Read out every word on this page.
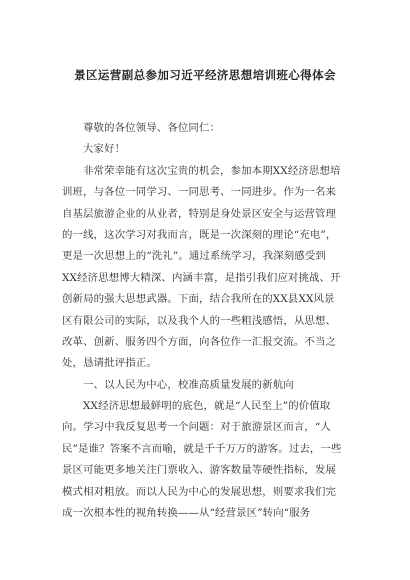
景区运营副总参加习近平经济思想培训班心得体会
尊敬的各位领导、各位同仁：
大家好！
非常荣幸能有这次宝贵的机会，参加本期XX经济思想培
训班，与各位一同学习、一同思考、一同进步。作为一名来
自基层旅游企业的从业者，特别是身处景区安全与运营管理
的一线，这次学习对我而言，既是一次深刻的理论“充电”，
更是一次思想上的“洗礼”。通过系统学习，我深刻感受到
XX经济思想博大精深、内涵丰富，是指引我们应对挑战、开
创新局的强大思想武器。下面，结合我所在的XX县XX风景
区有限公司的实际，以及我个人的一些粗浅感悟，从思想、
改革、创新、服务四个方面，向各位作一汇报交流。不当之
处，恳请批评指正。
一、以人民为中心，校准高质量发展的新航向
XX经济思想最鲜明的底色，就是“人民至上”的价值取
向。学习中我反复思考一个问题：对于旅游景区而言，“人
民”是谁？答案不言而喻，就是千千万万的游客。过去，一些
景区可能更多地关注门票收入、游客数量等硬性指标，发展
模式相对粗放。而以人民为中心的发展思想，则要求我们完
成一次根本性的视角转换——从“经营景区”转向“服务
